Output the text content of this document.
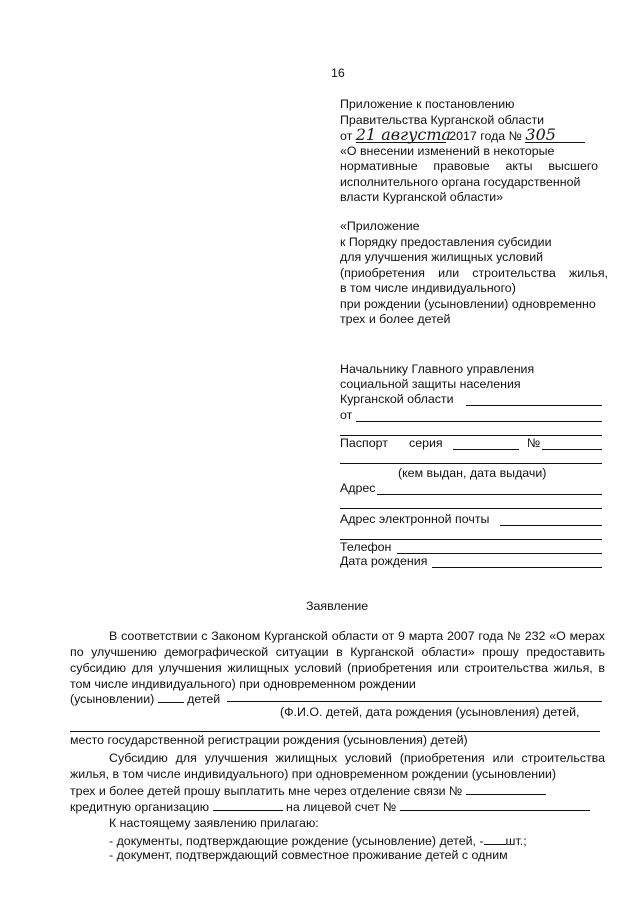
16
Приложение к постановлению
Правительства Курганской области
от 21 августа 2017 года № 305
«О внесении изменений в некоторые
нормативные правовые акты высшего
исполнительного органа государственной
власти Курганской области»
«Приложение
к Порядку предоставления субсидии
для улучшения жилищных условий
(приобретения или строительства жилья,
в том числе индивидуального)
при рождении (усыновлении) одновременно
трех и более детей
Начальнику Главного управления
социальной защиты населения
Курганской области
от
Паспорт серия	№
(кем выдан, дата выдачи)
Адрес
Адрес электронной почты
Телефон
Дата рождения
Заявление
В соответствии с Законом Курганской области от 9 марта 2007 года № 232 «О мерах по улучшению демографической ситуации в Курганской области» прошу предоставить субсидию для улучшения жилищных условий (приобретения или строительства жилья, в том числе индивидуального) при одновременном рождении
(усыновлении)	детей
(Ф.И.О. детей, дата рождения (усыновления) детей,
место государственной регистрации рождения (усыновления) детей)
Субсидию для улучшения жилищных условий (приобретения или строительства жилья, в том числе индивидуального) при одновременном рождении (усыновлении)
трех и более детей прошу выплатить мне через отделение связи №
кредитную организацию	на лицевой счет №
К настоящему заявлению прилагаю:
- документы, подтверждающие рождение (усыновление) детей, - шт.;
- документ, подтверждающий совместное проживание детей с одним
